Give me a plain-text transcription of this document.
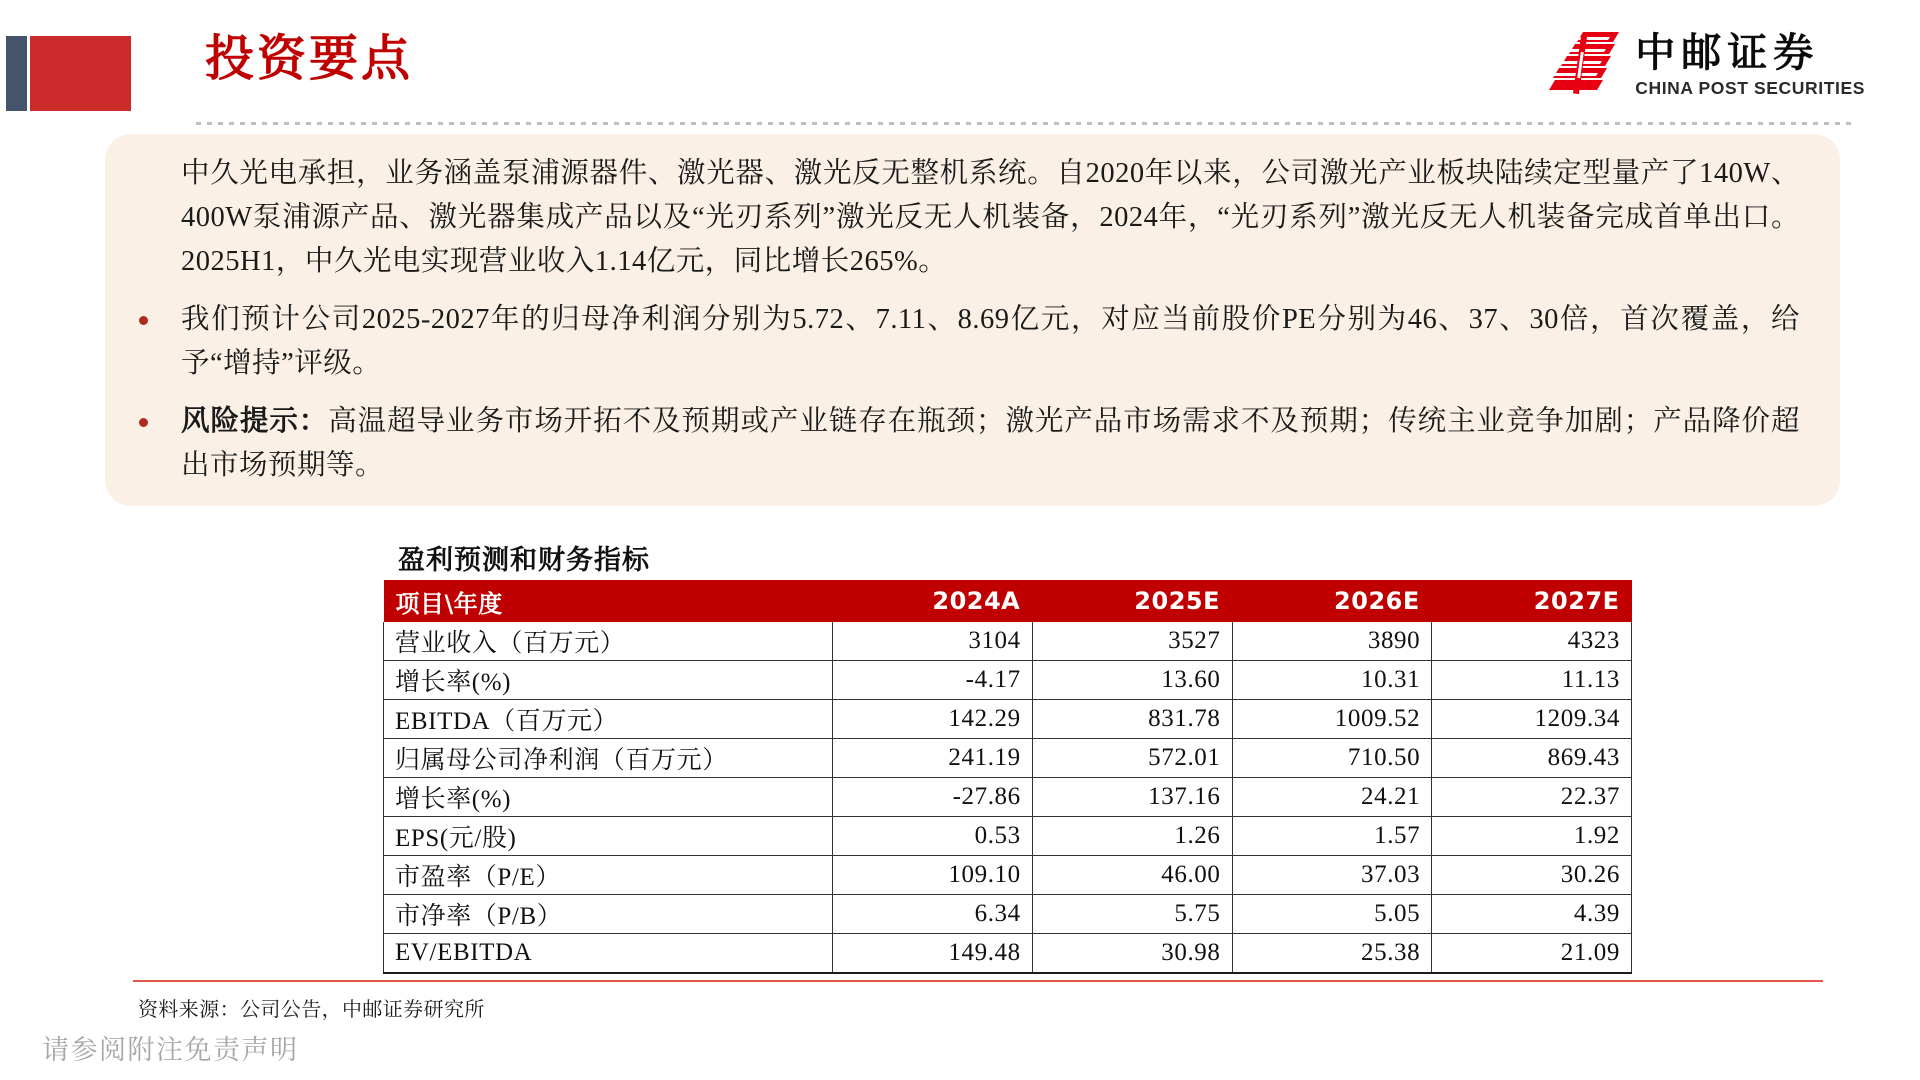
投资要点	中邮证券
CHINA POST SECURITIES

中久光电承担，业务涵盖泵浦源器件、激光器、激光反无整机系统。自2020年以来，公司激光产业板块陆续定型量产了140W、400W泵浦源产品、激光器集成产品以及“光刃系列”激光反无人机装备，2024年，“光刃系列”激光反无人机装备完成首单出口。2025H1，中久光电实现营业收入1.14亿元，同比增长265%。

我们预计公司2025-2027年的归母净利润分别为5.72、7.11、8.69亿元，对应当前股价PE分别为46、37、30倍，首次覆盖，给予“增持”评级。

风险提示：高温超导业务市场开拓不及预期或产业链存在瓶颈；激光产品市场需求不及预期；传统主业竞争加剧；产品降价超出市场预期等。

盈利预测和财务指标
项目\年度	2024A	2025E	2026E	2027E
营业收入（百万元）	3104	3527	3890	4323
增长率(%)	-4.17	13.60	10.31	11.13
EBITDA（百万元）	142.29	831.78	1009.52	1209.34
归属母公司净利润（百万元）	241.19	572.01	710.50	869.43
增长率(%)	-27.86	137.16	24.21	22.37
EPS(元/股)	0.53	1.26	1.57	1.92
市盈率（P/E）	109.10	46.00	37.03	30.26
市净率（P/B）	6.34	5.75	5.05	4.39
EV/EBITDA	149.48	30.98	25.38	21.09
资料来源：公司公告，中邮证券研究所
请参阅附注免责声明
